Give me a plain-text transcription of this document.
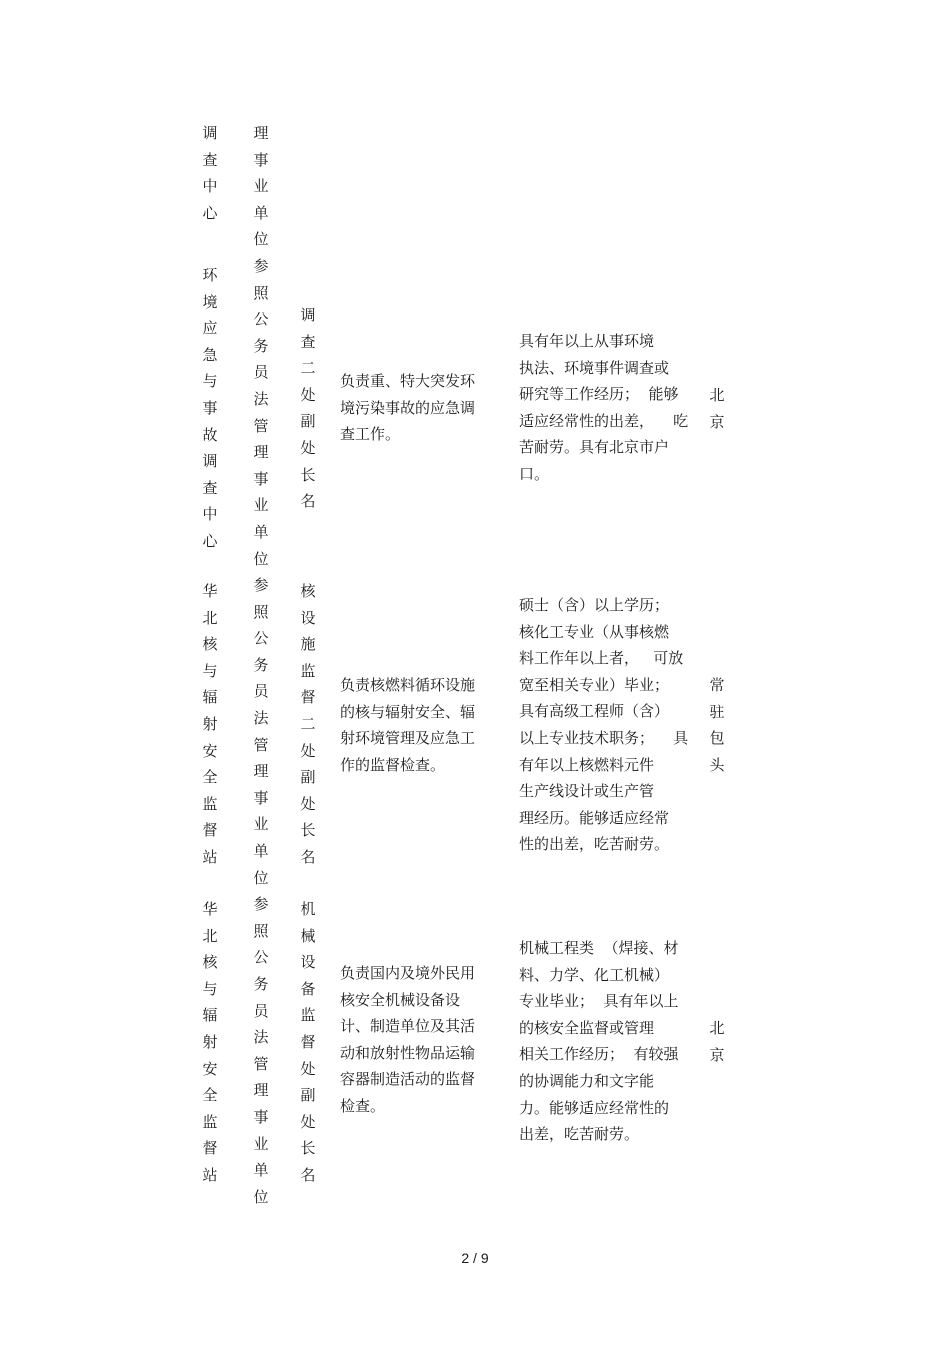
调
查
中
心
环
境
应
急
与
事
故
调
查
中
心
华
北
核
与
辐
射
安
全
监
督
站
华
北
核
与
辐
射
安
全
监
督
站
理
事
业
单
位
参
照
公
务
员
法
管
理
事
业
单
位
参
照
公
务
员
法
管
理
事
业
单
位
参
照
公
务
员
法
管
理
事
业
单
位
调
查
二
处
副
处
长
名
核
设
施
监
督
二
处
副
处
长
名
机
械
设
备
监
督
处
副
处
长
名
负责重、特大突发环
境污染事故的应急调
查工作。
具有年以上从事环境
执法、环境事件调查或
研究等工作经历；  能够
适应经常性的出差，    吃
苦耐劳。具有北京市户
口。
北
京
负责核燃料循环设施
的核与辐射安全、辐
射环境管理及应急工
作的监督检查。
硕士（含）以上学历；
核化工专业（从事核燃
料工作年以上者，   可放
宽至相关专业）毕业；
具有高级工程师（含）
以上专业技术职务；    具
有年以上核燃料元件
生产线设计或生产管
理经历。能够适应经常
性的出差，吃苦耐劳。
常
驻
包
头
负责国内及境外民用
核安全机械设备设
计、制造单位及其活
动和放射性物品运输
容器制造活动的监督
检查。
机械工程类  （焊接、材
料、力学、化工机械）
专业毕业；  具有年以上
的核安全监督或管理
相关工作经历；  有较强
的协调能力和文字能
力。能够适应经常性的
出差，吃苦耐劳。
北
京
2 / 9
